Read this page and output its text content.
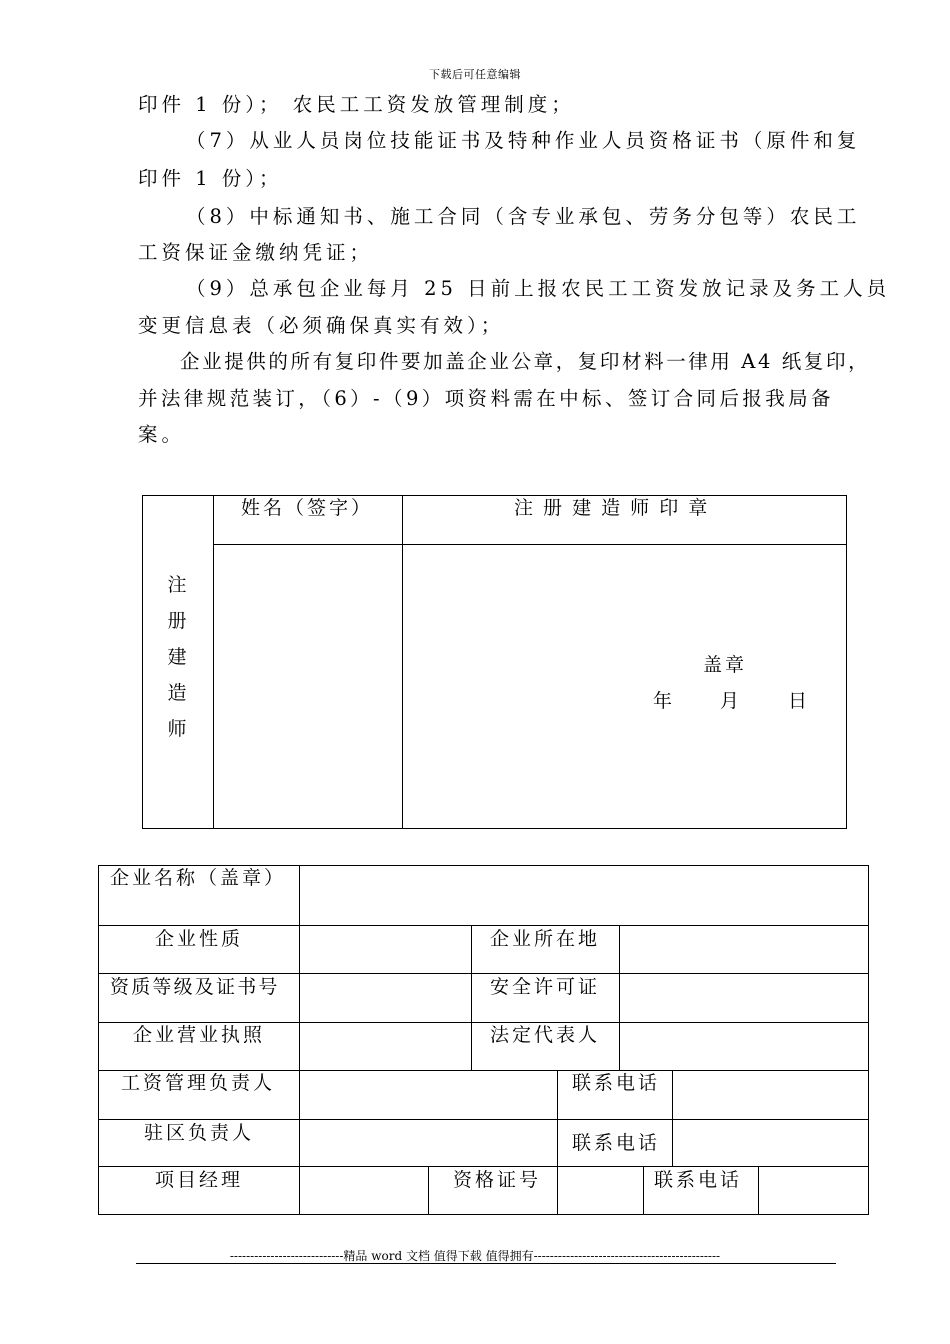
下载后可任意编辑
印件 1 份）； 农民工工资发放管理制度；
（7）从业人员岗位技能证书及特种作业人员资格证书（原件和复
印件 1 份）；
（8）中标通知书、施工合同（含专业承包、劳务分包等）农民工
工资保证金缴纳凭证；
（9）总承包企业每月 25 日前上报农民工工资发放记录及务工人员
变更信息表（必须确保真实有效）；
企业提供的所有复印件要加盖企业公章，复印材料一律用 A4 纸复印，
并法律规范装订，（6）-（9）项资料需在中标、签订合同后报我局备
案。
注
册
建
造
师
姓名（签字）	注 册 建 造 师 印 章
盖章
年 月 日
企业名称（盖章）
企业性质	企业所在地
资质等级及证书号	安全许可证
企业营业执照	法定代表人
工资管理负责人	联系电话
驻区负责人	联系电话
项目经理	资格证号	联系电话
----------------------------精品 word 文档 值得下载 值得拥有----------------------------------------------
